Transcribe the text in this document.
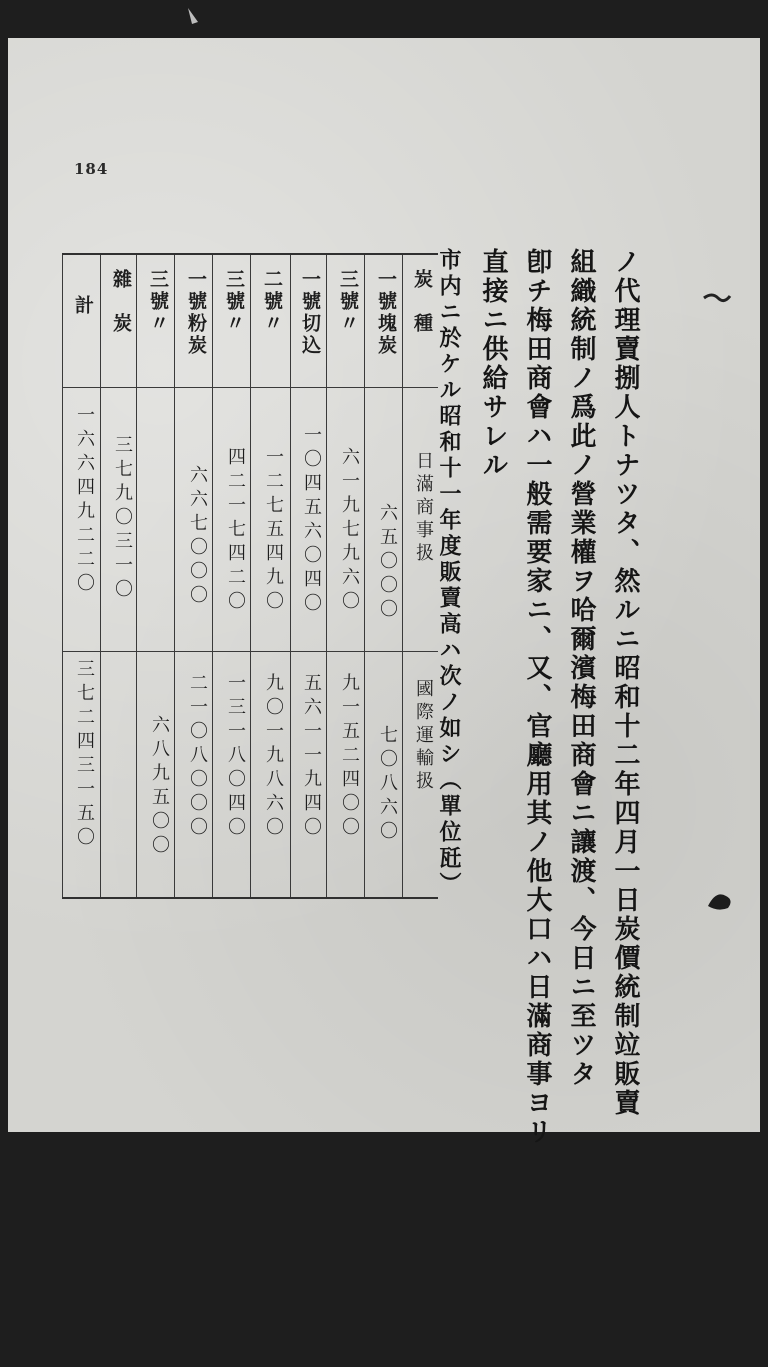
184
ノ代理賣捌人トナツタ、然ルニ昭和十二年四月一日炭價統制竝販賣
組織統制ノ爲此ノ營業權ヲ哈爾濱梅田商會ニ讓渡、今日ニ至ツタ
卽チ梅田商會ハ一般需要家ニ、又、官廳用其ノ他大口ハ日滿商事ヨリ
直接ニ供給サレル
市内ニ於ケル昭和十一年度販賣高ハ次ノ如シ（單位瓩）
炭　種
日滿商事扱
國際運輸扱
一號塊炭
六五〇〇〇
七〇八六〇
三號〃
六一九七九六〇
九一五二四〇〇
一號切込
一〇四五六〇四〇
五六一一九四〇
二號〃
一二七五四九〇
九〇一九八六〇
三號〃
四二一七四二〇
一三一八〇四〇
一號粉炭
六六七〇〇〇
二一〇八〇〇〇
三號〃
六八九五〇〇
雜　炭
三七九〇三一〇
計
一六六四九二二〇
三七二四三一五〇
